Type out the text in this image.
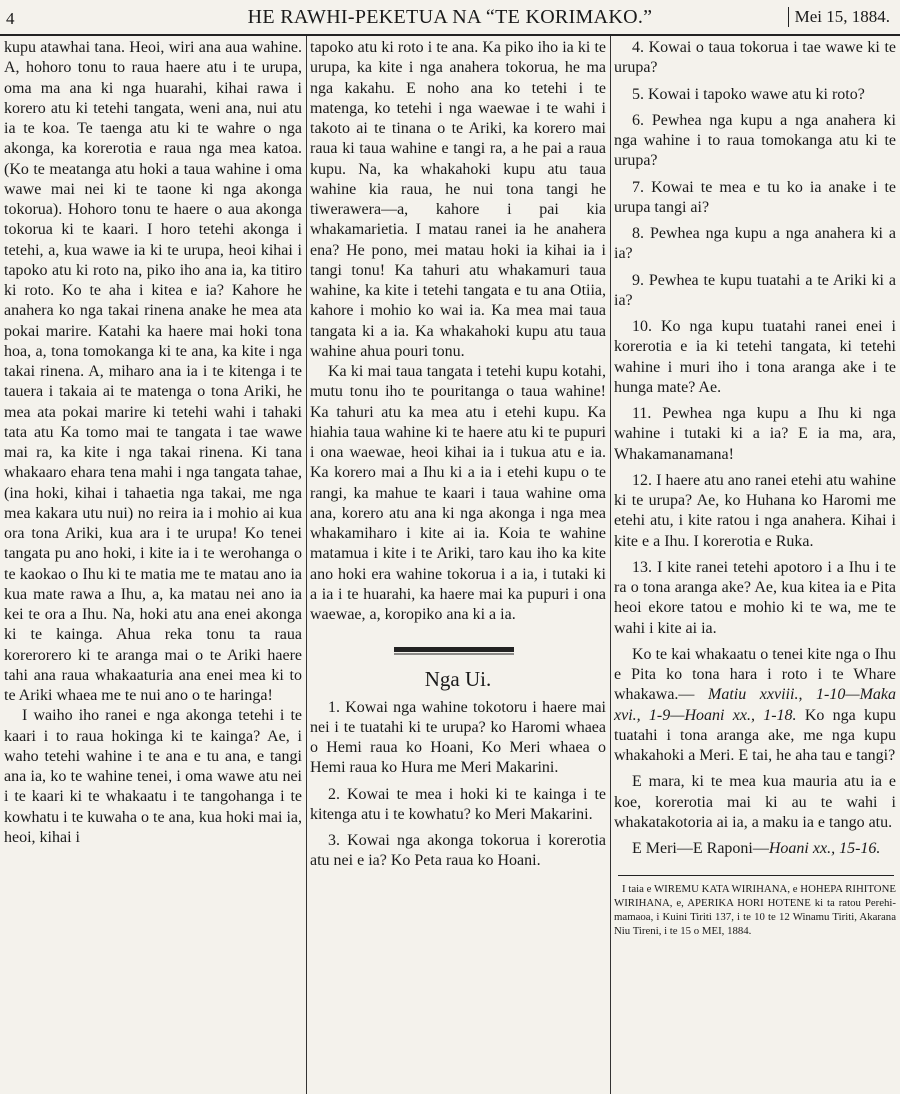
4	HE RAWHI-PEKETUA NA “TE KORIMAKO.”	Mei 15, 1884.

kupu atawhai tana. Heoi, wiri ana aua wahine. A, hohoro tonu to raua haere atu i te urupa, oma ma ana ki nga huarahi, kihai rawa i korero atu ki tetehi tangata, weni ana, nui atu ia te koa. Te taenga atu ki te wahre o nga akonga, ka korerotia e raua nga mea katoa. (Ko te meatanga atu hoki a taua wahine i oma wawe mai nei ki te taone ki nga akonga tokorua). Hohoro tonu te haere o aua akonga tokorua ki te kaari. I horo tetehi akonga i tetehi, a, kua wawe ia ki te urupa, heoi kihai i tapoko atu ki roto na, piko iho ana ia, ka titiro ki roto. Ko te aha i kitea e ia? Kahore he anahera ko nga takai rinena anake he mea ata pokai marire. Katahi ka haere mai hoki tona hoa, a, tona tomokanga ki te ana, ka kite i nga takai rinena. A, miharo ana ia i te kitenga i te tauera i takaia ai te matenga o tona Ariki, he mea ata pokai marire ki tetehi wahi i tahaki tata atu Ka tomo mai te tangata i tae wawe mai ra, ka kite i nga takai rinena. Ki tana whakaaro ehara tena mahi i nga tangata tahae, (ina hoki, kihai i tahaetia nga takai, me nga mea kakara utu nui) no reira ia i mohio ai kua ora tona Ariki, kua ara i te urupa! Ko tenei tangata pu ano hoki, i kite ia i te werohanga o te kaokao o Ihu ki te matia me te matau ano ia kua mate rawa a Ihu, a, ka matau nei ano ia kei te ora a Ihu. Na, hoki atu ana enei akonga ki te kainga. Ahua reka tonu ta raua korerorero ki te aranga mai o te Ariki haere tahi ana raua whakaaturia ana enei mea ki to te Ariki whaea me te nui ano o te haringa!

I waiho iho ranei e nga akonga tetehi i te kaari i to raua hokinga ki te kainga? Ae, i waho tetehi wahine i te ana e tu ana, e tangi ana ia, ko te wahine tenei, i oma wawe atu nei i te kaari ki te whakaatu i te tangohanga i te kowhatu i te kuwaha o te ana, kua hoki mai ia, heoi, kihai i

tapoko atu ki roto i te ana. Ka piko iho ia ki te urupa, ka kite i nga anahera tokorua, he ma nga kakahu. E noho ana ko tetehi i te matenga, ko tetehi i nga waewae i te wahi i takoto ai te tinana o te Ariki, ka korero mai raua ki taua wahine e tangi ra, a he pai a raua kupu. Na, ka whakahoki kupu atu taua wahine kia raua, he nui tona tangi he tiwerawera—a, kahore i pai kia whakamarietia. I matau ranei ia he anahera ena? He pono, mei matau hoki ia kihai ia i tangi tonu! Ka tahuri atu whakamuri taua wahine, ka kite i tetehi tangata e tu ana Otiia, kahore i mohio ko wai ia. Ka mea mai taua tangata ki a ia. Ka whakahoki kupu atu taua wahine ahua pouri tonu.

Ka ki mai taua tangata i tetehi kupu kotahi, mutu tonu iho te pouritanga o taua wahine! Ka tahuri atu ka mea atu i etehi kupu. Ka hiahia taua wahine ki te haere atu ki te pupuri i ona waewae, heoi kihai ia i tukua atu e ia. Ka korero mai a Ihu ki a ia i etehi kupu o te rangi, ka mahue te kaari i taua wahine oma ana, korero atu ana ki nga akonga i nga mea whakamiharo i kite ai ia. Koia te wahine matamua i kite i te Ariki, taro kau iho ka kite ano hoki era wahine tokorua i a ia, i tutaki ki a ia i te huarahi, ka haere mai ka pupuri i ona waewae, a, koropiko ana ki a ia.

Nga Ui.

1. Kowai nga wahine tokotoru i haere mai nei i te tuatahi ki te urupa? ko Haromi whaea o Hemi raua ko Hoani, Ko Meri whaea o Hemi raua ko Hura me Meri Makarini.

2. Kowai te mea i hoki ki te kainga i te kitenga atu i te kowhatu? ko Meri Makarini.

3. Kowai nga akonga tokorua i korerotia atu nei e ia? Ko Peta raua ko Hoani.

4. Kowai o taua tokorua i tae wawe ki te urupa?

5. Kowai i tapoko wawe atu ki roto?

6. Pewhea nga kupu a nga anahera ki nga wahine i to raua tomokanga atu ki te urupa?

7. Kowai te mea e tu ko ia anake i te urupa tangi ai?

8. Pewhea nga kupu a nga anahera ki a ia?

9. Pewhea te kupu tuatahi a te Ariki ki a ia?

10. Ko nga kupu tuatahi ranei enei i korerotia e ia ki tetehi tangata, ki tetehi wahine i muri iho i tona aranga ake i te hunga mate? Ae.

11. Pewhea nga kupu a Ihu ki nga wahine i tutaki ki a ia? E ia ma, ara, Whakamanamana!

12. I haere atu ano ranei etehi atu wahine ki te urupa? Ae, ko Huhana ko Haromi me etehi atu, i kite ratou i nga anahera. Kihai i kite e a Ihu. I korerotia e Ruka.

13. I kite ranei tetehi apotoro i a Ihu i te ra o tona aranga ake? Ae, kua kitea ia e Pita heoi ekore tatou e mohio ki te wa, me te wahi i kite ai ia.

Ko te kai whakaatu o tenei kite nga o Ihu e Pita ko tona hara i roto i te Whare whakawa.— Matiu xxviii., 1-10—Maka xvi., 1-9—Hoani xx., 1-18. Ko nga kupu tuatahi i tona aranga ake, me nga kupu whakahoki a Meri. E tai, he aha tau e tangi?

E mara, ki te mea kua mauria atu ia e koe, korerotia mai ki au te wahi i whakatakotoria ai ia, a maku ia e tango atu.

E Meri—E Raponi—Hoani xx., 15-16.

I taia e WIREMU KATA WIRIHANA, e HOHEPA RIHITONE WIRIHANA, e, APERIKA HORI HOTENE ki ta ratou Perehi-mamaoa, i Kuini Tiriti 137, i te 10 te 12 Winamu Tiriti, Akarana Niu Tireni, i te 15 o MEI, 1884.
